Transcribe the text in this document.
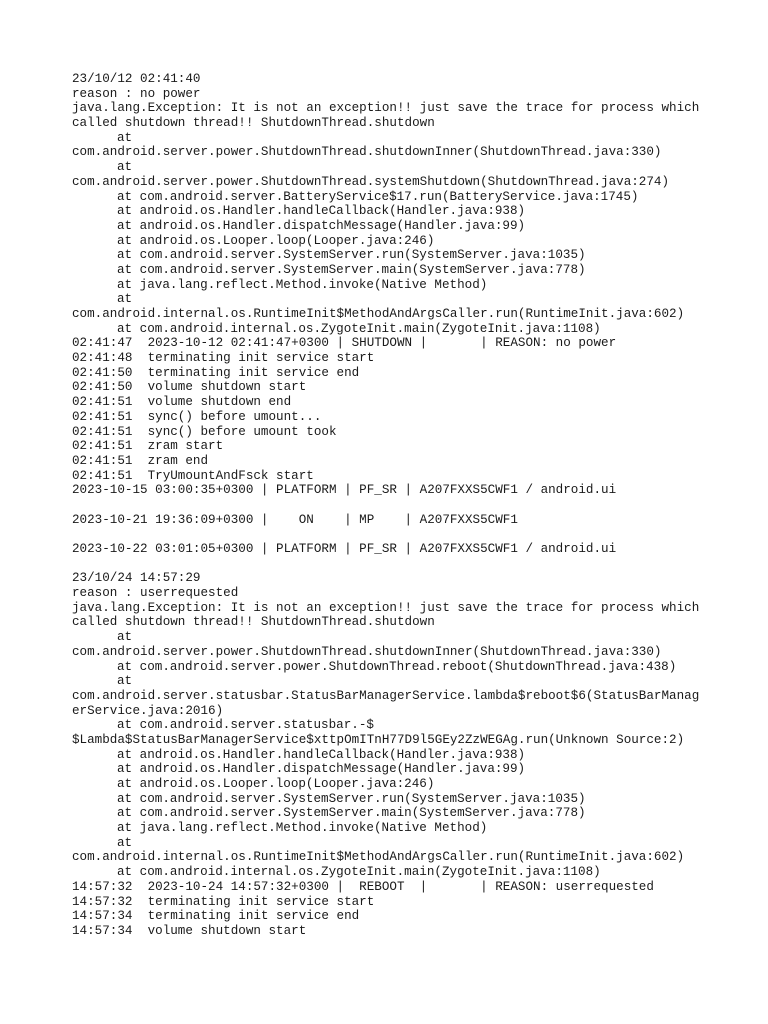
23/10/12 02:41:40
reason : no power
java.lang.Exception: It is not an exception!! just save the trace for process which
called shutdown thread!! ShutdownThread.shutdown
at
com.android.server.power.ShutdownThread.shutdownInner(ShutdownThread.java:330)
at
com.android.server.power.ShutdownThread.systemShutdown(ShutdownThread.java:274)
at com.android.server.BatteryService$17.run(BatteryService.java:1745)
at android.os.Handler.handleCallback(Handler.java:938)
at android.os.Handler.dispatchMessage(Handler.java:99)
at android.os.Looper.loop(Looper.java:246)
at com.android.server.SystemServer.run(SystemServer.java:1035)
at com.android.server.SystemServer.main(SystemServer.java:778)
at java.lang.reflect.Method.invoke(Native Method)
at
com.android.internal.os.RuntimeInit$MethodAndArgsCaller.run(RuntimeInit.java:602)
at com.android.internal.os.ZygoteInit.main(ZygoteInit.java:1108)
02:41:47  2023-10-12 02:41:47+0300 | SHUTDOWN |       | REASON: no power
02:41:48  terminating init service start
02:41:50  terminating init service end
02:41:50  volume shutdown start
02:41:51  volume shutdown end
02:41:51  sync() before umount...
02:41:51  sync() before umount took
02:41:51  zram start
02:41:51  zram end
02:41:51  TryUmountAndFsck start
2023-10-15 03:00:35+0300 | PLATFORM | PF_SR | A207FXXS5CWF1 / android.ui
2023-10-21 19:36:09+0300 |    ON    | MP    | A207FXXS5CWF1
2023-10-22 03:01:05+0300 | PLATFORM | PF_SR | A207FXXS5CWF1 / android.ui
23/10/24 14:57:29
reason : userrequested
java.lang.Exception: It is not an exception!! just save the trace for process which
called shutdown thread!! ShutdownThread.shutdown
at
com.android.server.power.ShutdownThread.shutdownInner(ShutdownThread.java:330)
at com.android.server.power.ShutdownThread.reboot(ShutdownThread.java:438)
at
com.android.server.statusbar.StatusBarManagerService.lambda$reboot$6(StatusBarManag
erService.java:2016)
at com.android.server.statusbar.-$
$Lambda$StatusBarManagerService$xttpOmITnH77D9l5GEy2ZzWEGAg.run(Unknown Source:2)
at android.os.Handler.handleCallback(Handler.java:938)
at android.os.Handler.dispatchMessage(Handler.java:99)
at android.os.Looper.loop(Looper.java:246)
at com.android.server.SystemServer.run(SystemServer.java:1035)
at com.android.server.SystemServer.main(SystemServer.java:778)
at java.lang.reflect.Method.invoke(Native Method)
at
com.android.internal.os.RuntimeInit$MethodAndArgsCaller.run(RuntimeInit.java:602)
at com.android.internal.os.ZygoteInit.main(ZygoteInit.java:1108)
14:57:32  2023-10-24 14:57:32+0300 |  REBOOT  |       | REASON: userrequested
14:57:32  terminating init service start
14:57:34  terminating init service end
14:57:34  volume shutdown start
